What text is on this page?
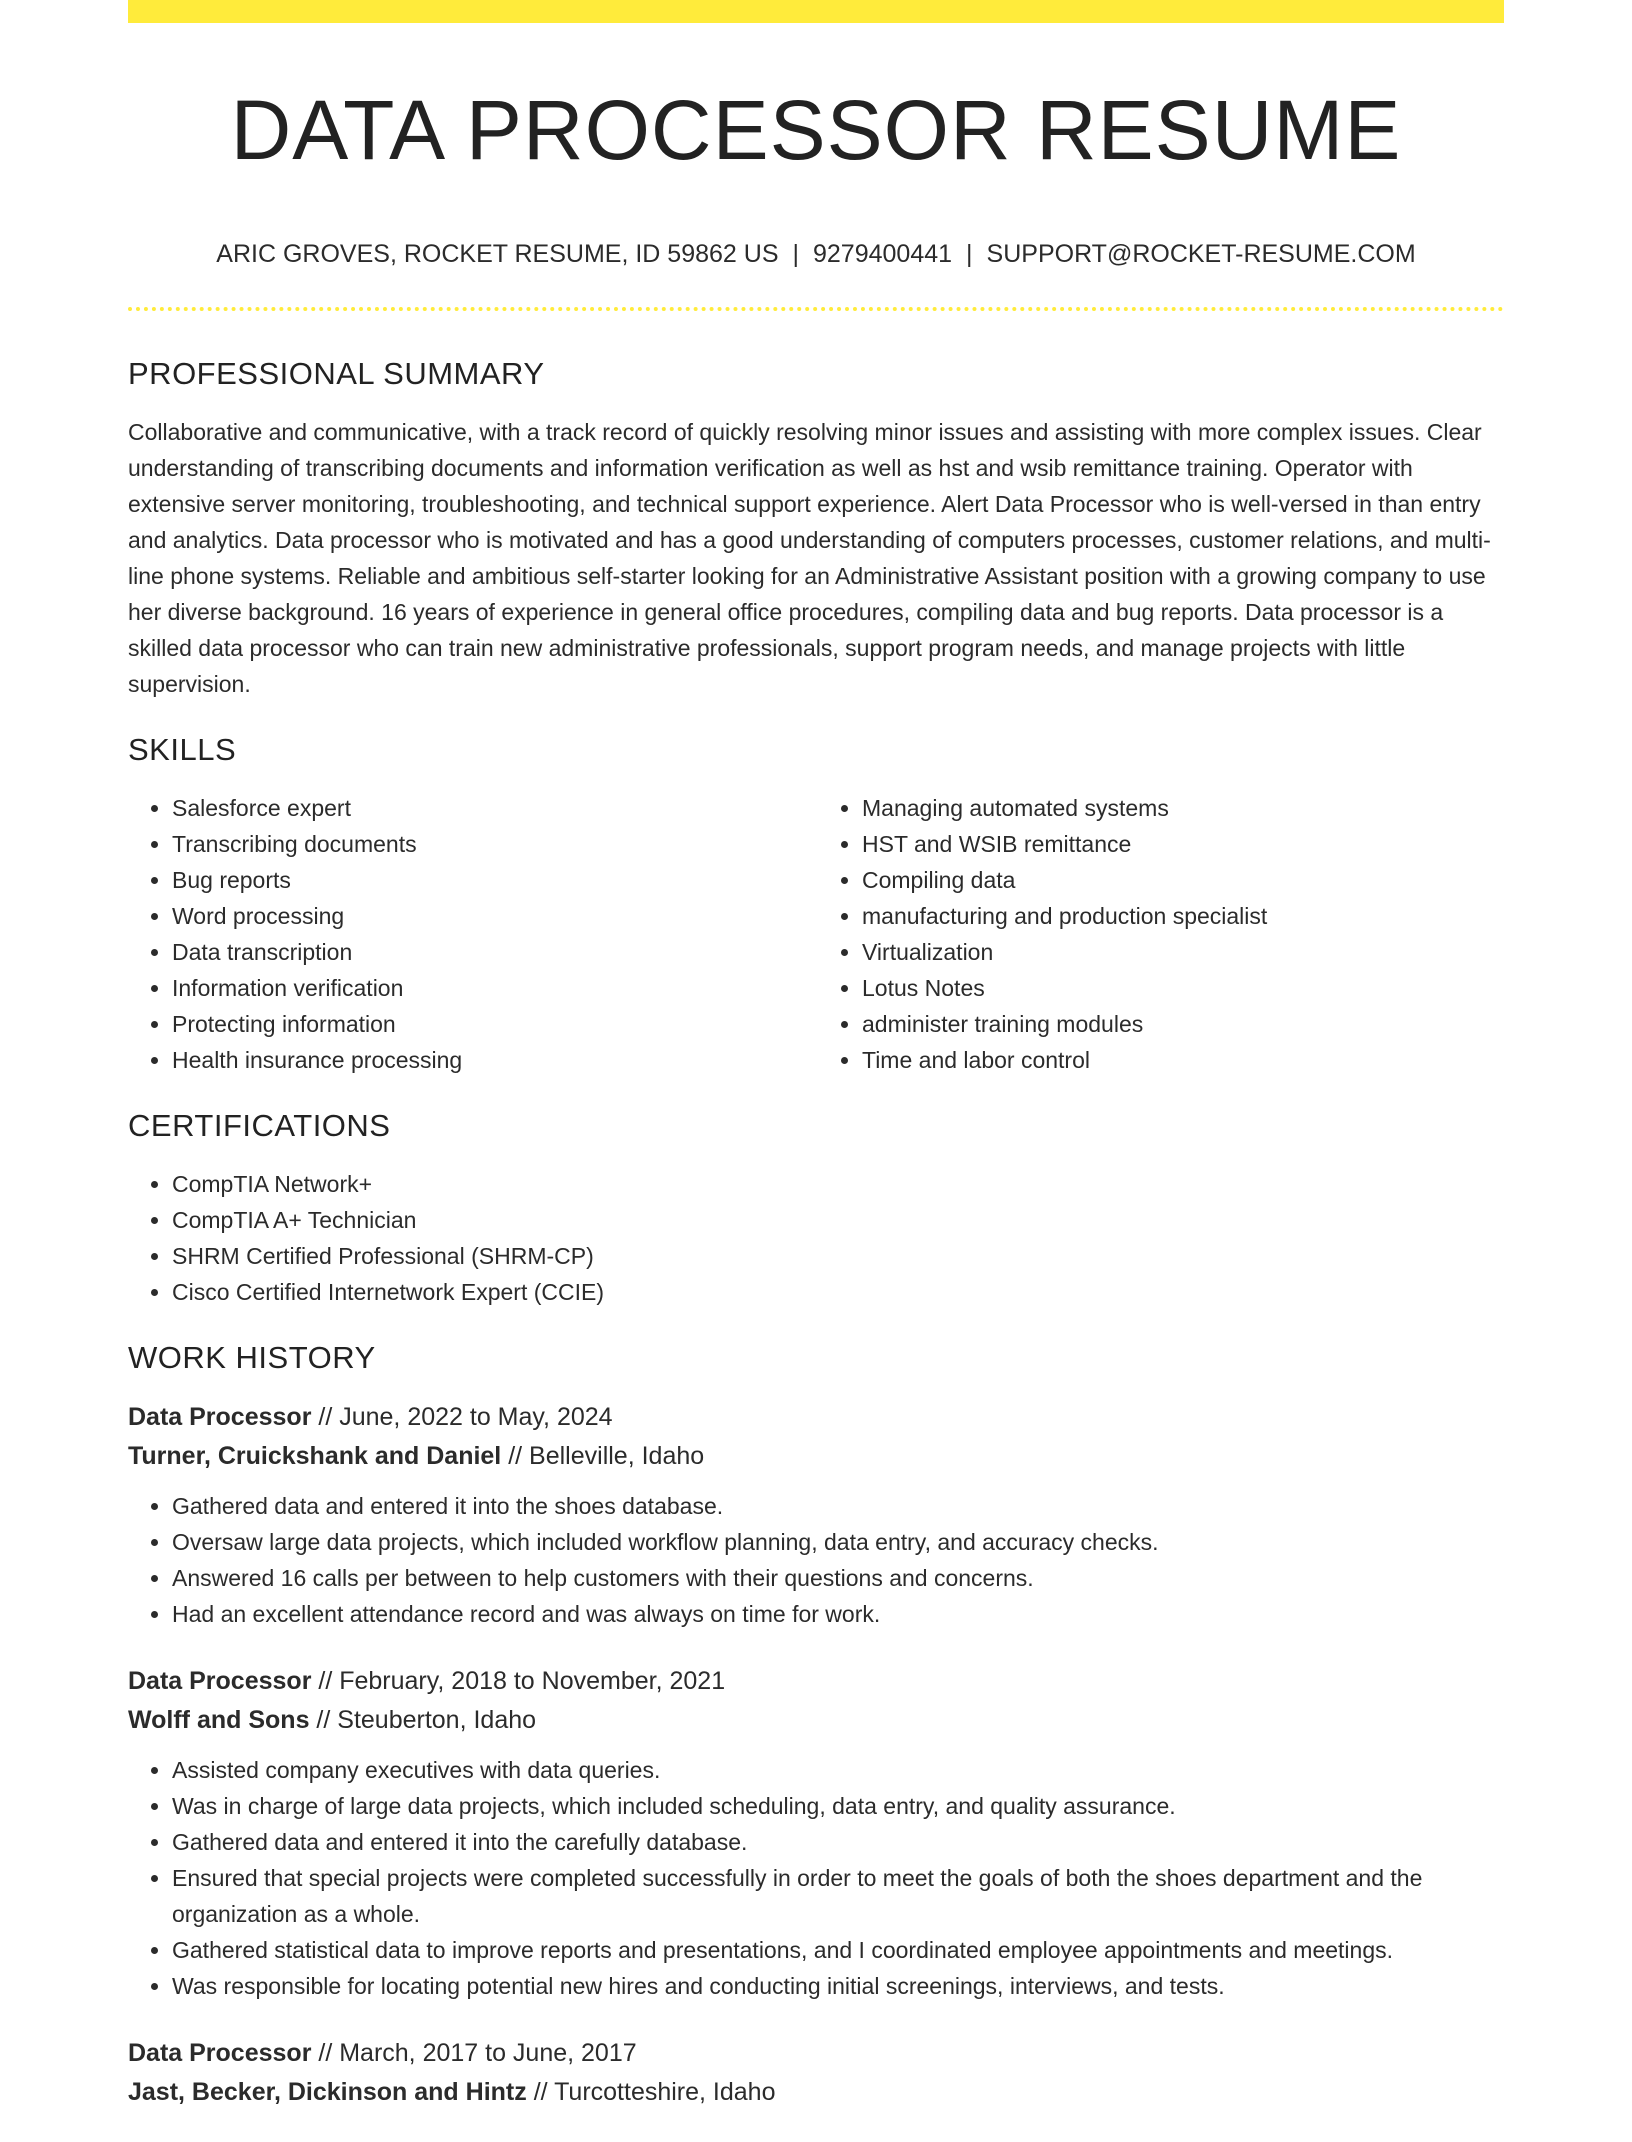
DATA PROCESSOR RESUME
ARIC GROVES, ROCKET RESUME, ID 59862 US | 9279400441 | SUPPORT@ROCKET-RESUME.COM
PROFESSIONAL SUMMARY

Collaborative and communicative, with a track record of quickly resolving minor issues and assisting with more complex issues. Clear understanding of transcribing documents and information verification as well as hst and wsib remittance training. Operator with extensive server monitoring, troubleshooting, and technical support experience. Alert Data Processor who is well-versed in than entry and analytics. Data processor who is motivated and has a good understanding of computers processes, customer relations, and multi-line phone systems. Reliable and ambitious self-starter looking for an Administrative Assistant position with a growing company to use her diverse background. 16 years of experience in general office procedures, compiling data and bug reports. Data processor is a skilled data processor who can train new administrative professionals, support program needs, and manage projects with little supervision.

SKILLS
• Salesforce expert
• Transcribing documents
• Bug reports
• Word processing
• Data transcription
• Information verification
• Protecting information
• Health insurance processing
• Managing automated systems
• HST and WSIB remittance
• Compiling data
• manufacturing and production specialist
• Virtualization
• Lotus Notes
• administer training modules
• Time and labor control
CERTIFICATIONS
• CompTIA Network+
• CompTIA A+ Technician
• SHRM Certified Professional (SHRM-CP)
• Cisco Certified Internetwork Expert (CCIE)
WORK HISTORY
Data Processor // June, 2022 to May, 2024
Turner, Cruickshank and Daniel // Belleville, Idaho
• Gathered data and entered it into the shoes database.
• Oversaw large data projects, which included workflow planning, data entry, and accuracy checks.
• Answered 16 calls per between to help customers with their questions and concerns.
• Had an excellent attendance record and was always on time for work.
Data Processor // February, 2018 to November, 2021
Wolff and Sons // Steuberton, Idaho
• Assisted company executives with data queries.
• Was in charge of large data projects, which included scheduling, data entry, and quality assurance.
• Gathered data and entered it into the carefully database.
• Ensured that special projects were completed successfully in order to meet the goals of both the shoes department and the organization as a whole.
• Gathered statistical data to improve reports and presentations, and I coordinated employee appointments and meetings.
• Was responsible for locating potential new hires and conducting initial screenings, interviews, and tests.
Data Processor // March, 2017 to June, 2017
Jast, Becker, Dickinson and Hintz // Turcotteshire, Idaho
